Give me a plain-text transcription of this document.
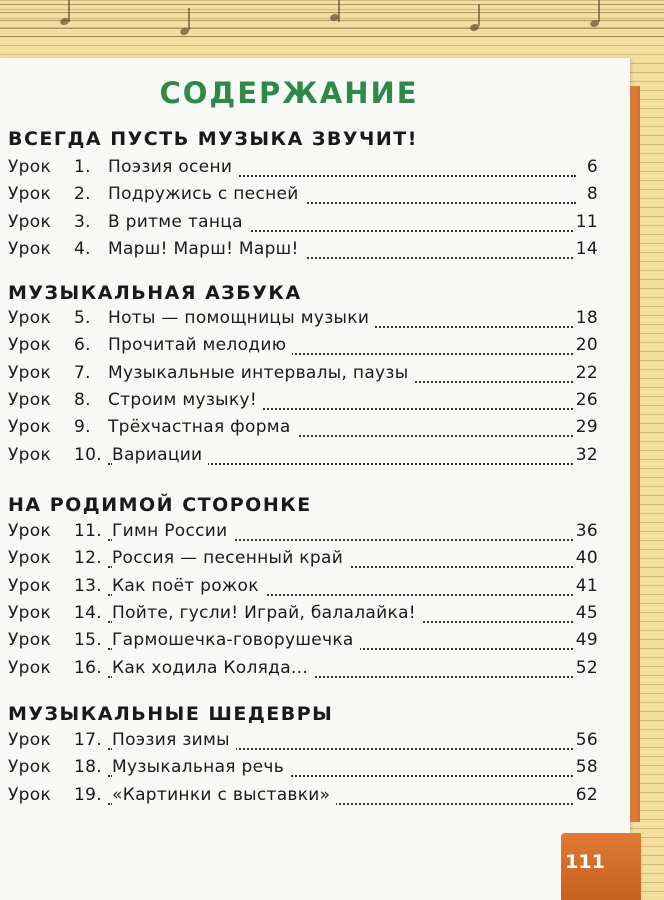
СОДЕРЖАНИЕ
ВСЕГДА ПУСТЬ МУЗЫКА ЗВУЧИТ!
Урок 1. Поэзия осени	6
Урок 2. Подружись с песней	8
Урок 3. В ритме танца	11
Урок 4. Марш! Марш! Марш!	14
МУЗЫКАЛЬНАЯ АЗБУКА
Урок 5. Ноты — помощницы музыки	18
Урок 6. Прочитай мелодию	20
Урок 7. Музыкальные интервалы, паузы	22
Урок 8. Строим музыку!	26
Урок 9. Трёхчастная форма	29
Урок 10. Вариации	32
НА РОДИМОЙ СТОРОНКЕ
Урок 11. Гимн России	36
Урок 12. Россия — песенный край	40
Урок 13. Как поёт рожок	41
Урок 14. Пойте, гусли! Играй, балалайка!	45
Урок 15. Гармошечка-говорушечка	49
Урок 16. Как ходила Коляда...	52
МУЗЫКАЛЬНЫЕ ШЕДЕВРЫ
Урок 17. Поэзия зимы	56
Урок 18. Музыкальная речь	58
Урок 19. «Картинки с выставки»	62
111
